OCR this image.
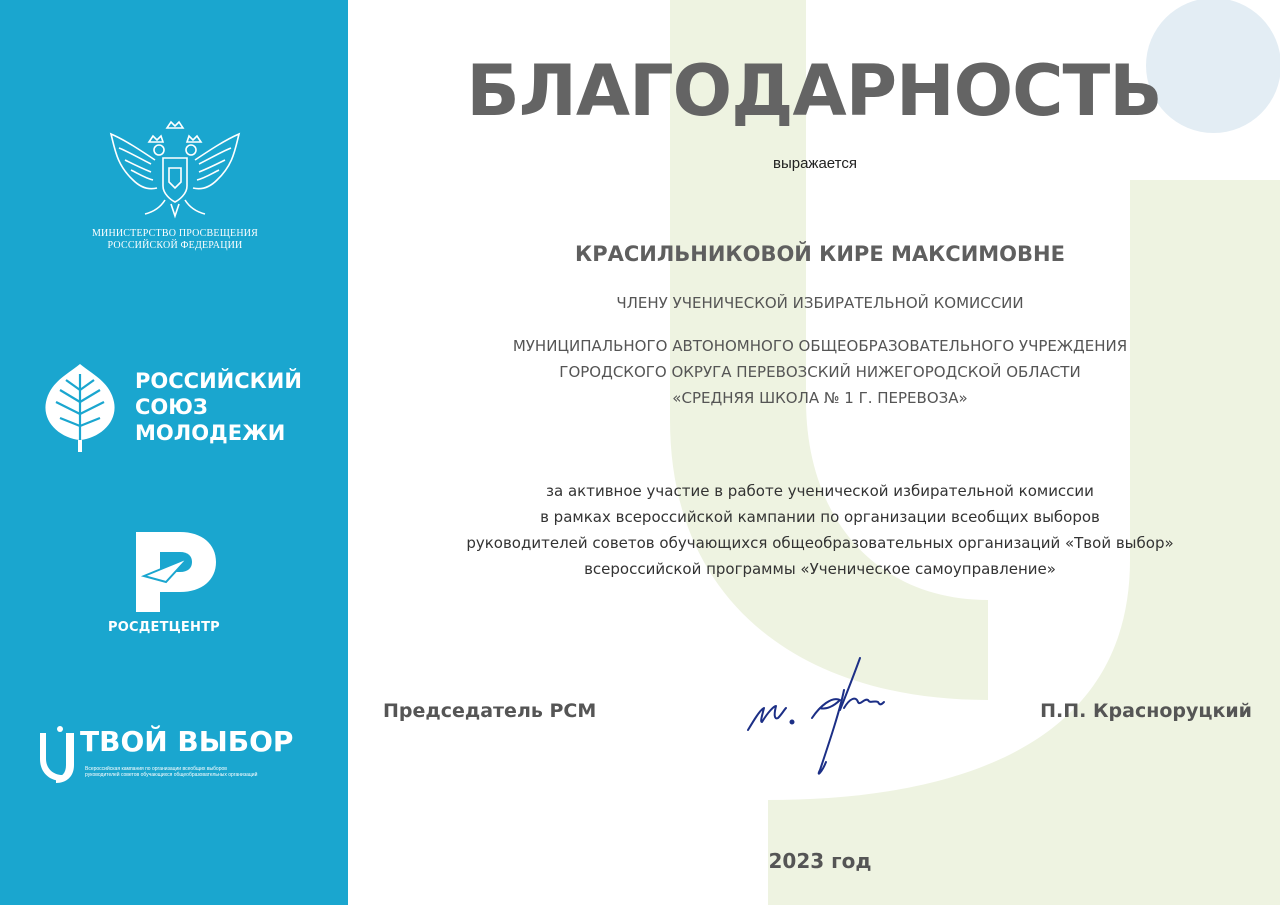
МИНИСТЕРСТВО ПРОСВЕЩЕНИЯ
РОССИЙСКОЙ ФЕДЕРАЦИИ
РОССИЙСКИЙ
СОЮЗ
МОЛОДЕЖИ
РОСДЕТЦЕНТР
ТВОЙ ВЫБОР
Всероссийская кампания по организации всеобщих выборов
руководителей советов обучающихся общеобразовательных организаций
БЛАГОДАРНОСТЬ
выражается
КРАСИЛЬНИКОВОЙ КИРЕ МАКСИМОВНЕ
ЧЛЕНУ УЧЕНИЧЕСКОЙ ИЗБИРАТЕЛЬНОЙ КОМИССИИ
МУНИЦИПАЛЬНОГО АВТОНОМНОГО ОБЩЕОБРАЗОВАТЕЛЬНОГО УЧРЕЖДЕНИЯ
ГОРОДСКОГО ОКРУГА ПЕРЕВОЗСКИЙ НИЖЕГОРОДСКОЙ ОБЛАСТИ
«СРЕДНЯЯ ШКОЛА № 1 Г. ПЕРЕВОЗА»
за активное участие в работе ученической избирательной комиссии
в рамках всероссийской кампании по организации всеобщих выборов
руководителей советов обучающихся общеобразовательных организаций «Твой выбор»
всероссийской программы «Ученическое самоуправление»
Председатель РСМ	П.П. Красноруцкий
2023 год
